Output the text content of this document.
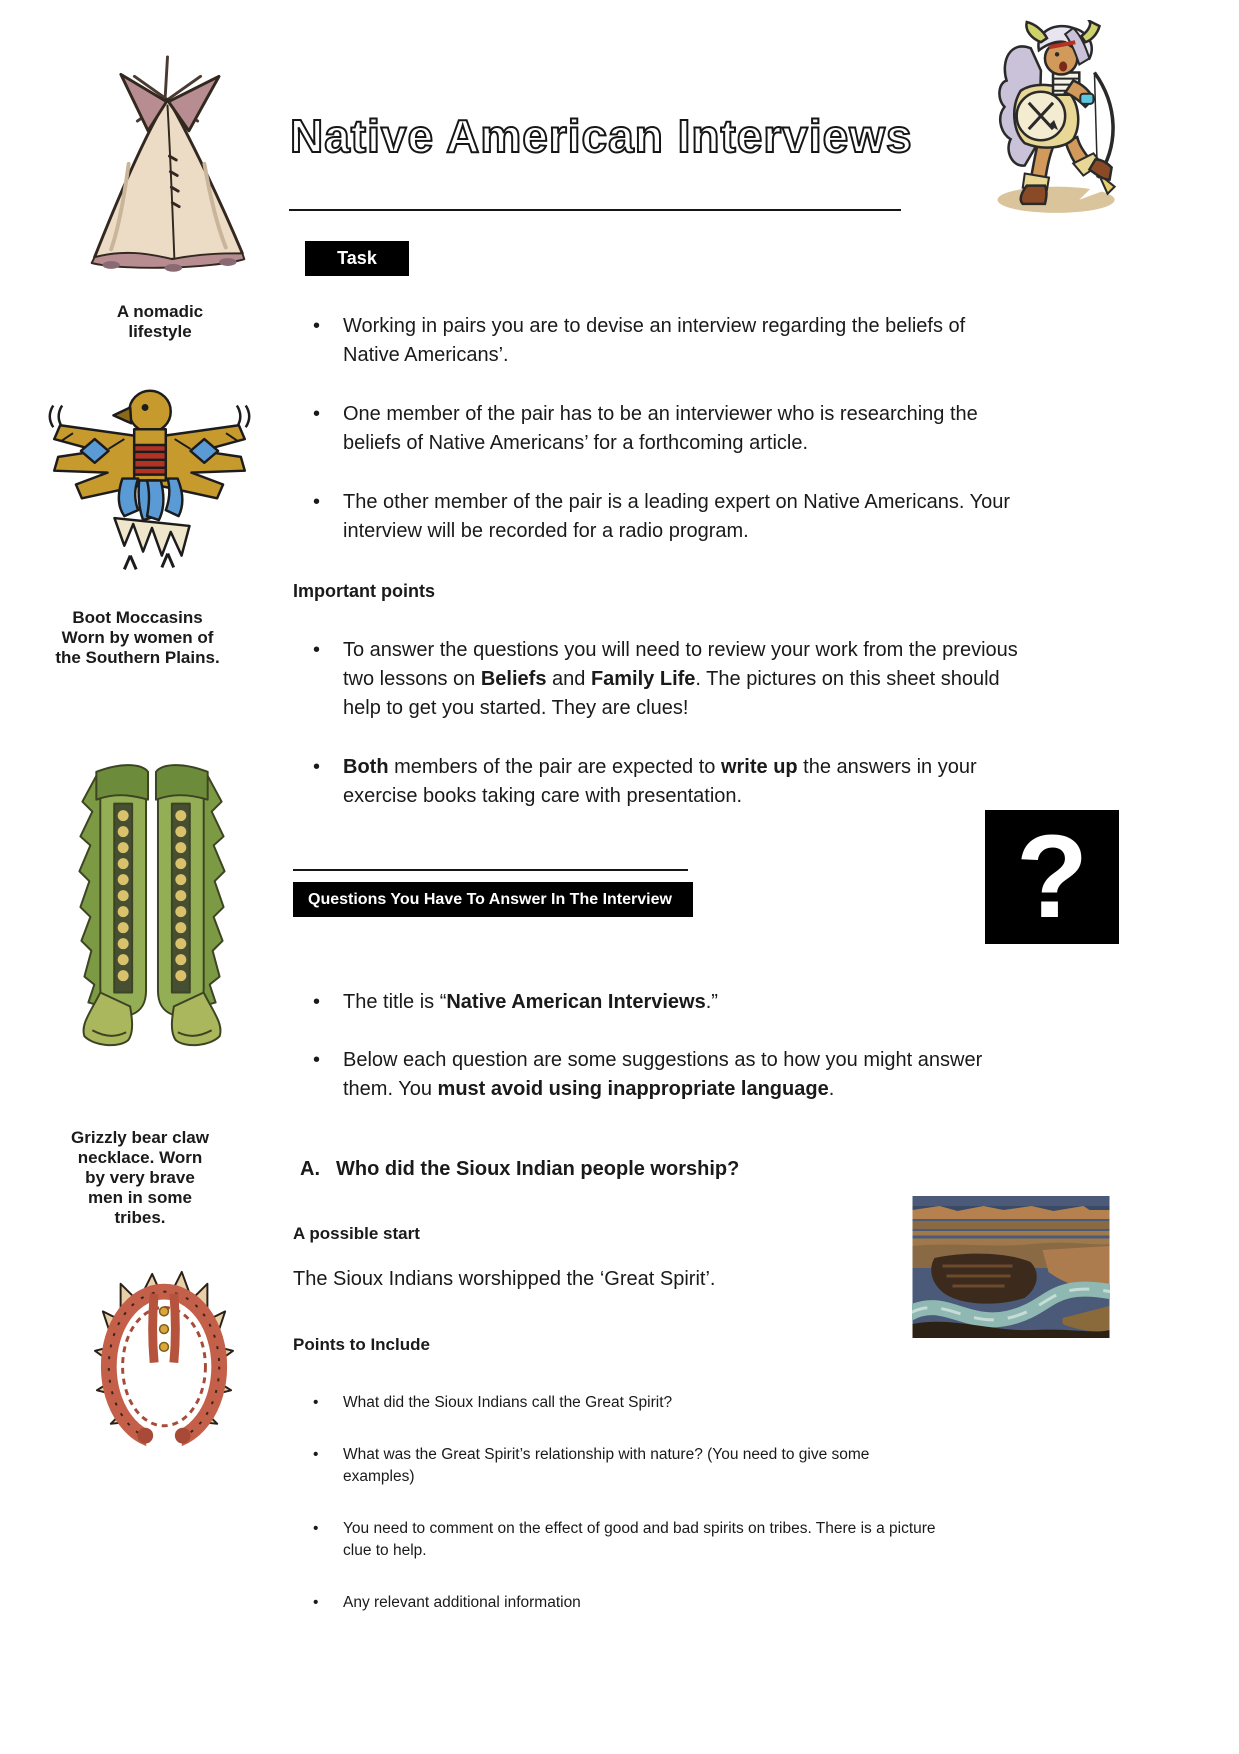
Native American Interviews
A nomadic
lifestyle
Boot Moccasins
Worn by women of
the Southern Plains.
Grizzly bear claw
necklace. Worn
by very brave
men in some
tribes.
Task
• Working in pairs you are to devise an interview regarding the beliefs of Native Americans’.
• One member of the pair has to be an interviewer who is researching the beliefs of Native Americans’ for a forthcoming article.
• The other member of the pair is a leading expert on Native Americans. Your interview will be recorded for a radio program.
Important points
• To answer the questions you will need to review your work from the previous two lessons on Beliefs and Family Life. The pictures on this sheet should help to get you started. They are clues!
• Both members of the pair are expected to write up the answers in your exercise books taking care with presentation.
?
Questions You Have To Answer In The Interview
• The title is “Native American Interviews.”
• Below each question are some suggestions as to how you might answer them. You must avoid using inappropriate language.
A. Who did the Sioux Indian people worship?
A possible start
The Sioux Indians worshipped the ‘Great Spirit’.
Points to Include
• What did the Sioux Indians call the Great Spirit?
• What was the Great Spirit’s relationship with nature? (You need to give some
examples)
• You need to comment on the effect of good and bad spirits on tribes. There is a picture
clue to help.
• Any relevant additional information
